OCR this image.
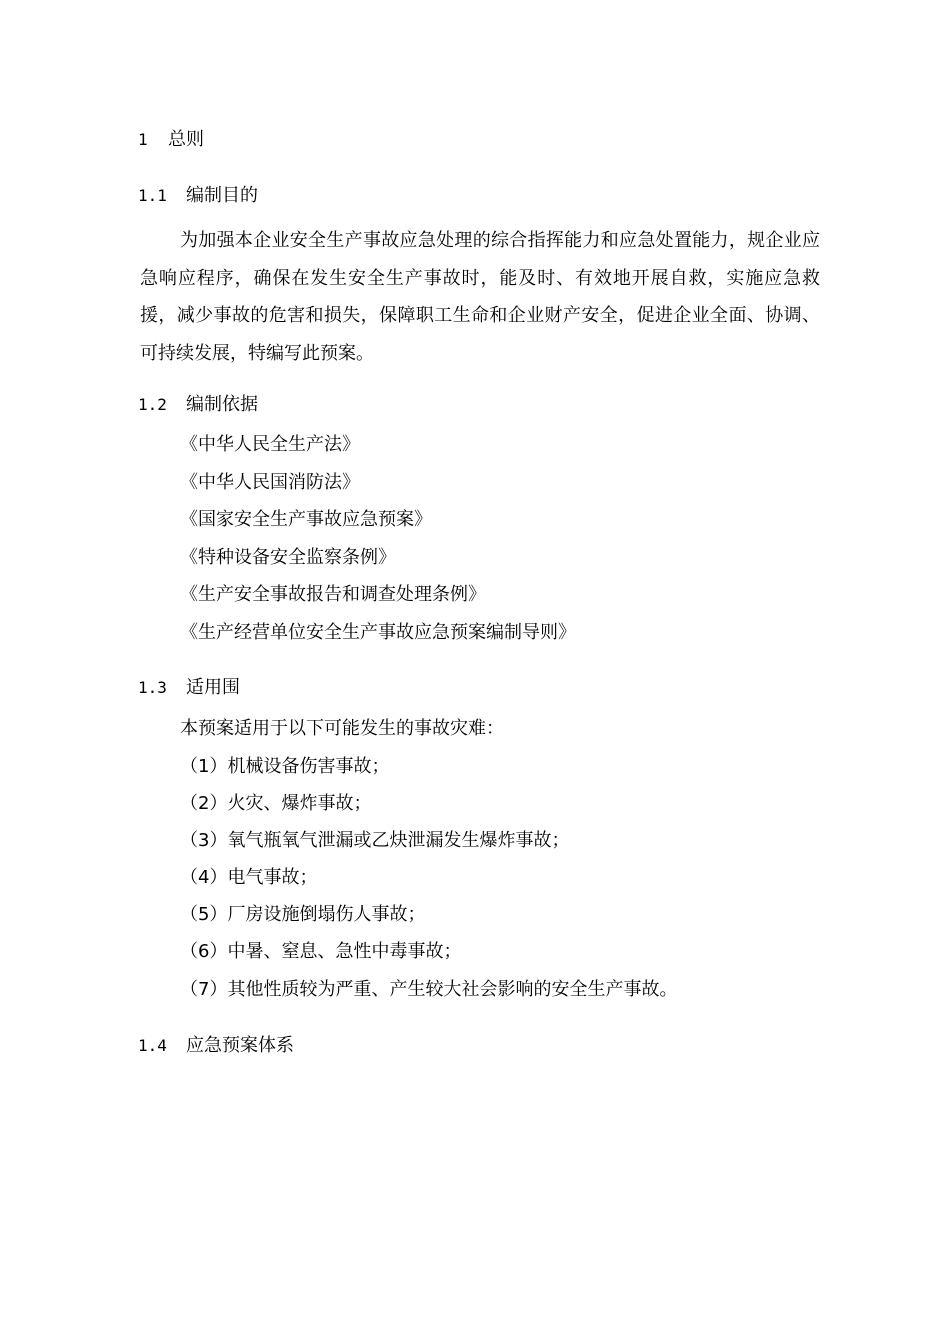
1 总则
1.1 编制目的
为加强本企业安全生产事故应急处理的综合指挥能力和应急处置能力，规企业应急响应程序，确保在发生安全生产事故时，能及时、有效地开展自救，实施应急救援，减少事故的危害和损失，保障职工生命和企业财产安全，促进企业全面、协调、可持续发展，特编写此预案。
1.2 编制依据
《中华人民全生产法》
《中华人民国消防法》
《国家安全生产事故应急预案》
《特种设备安全监察条例》
《生产安全事故报告和调查处理条例》
《生产经营单位安全生产事故应急预案编制导则》
1.3 适用围
本预案适用于以下可能发生的事故灾难：
（1）机械设备伤害事故；
（2）火灾、爆炸事故；
（3）氧气瓶氧气泄漏或乙炔泄漏发生爆炸事故；
（4）电气事故；
（5）厂房设施倒塌伤人事故；
（6）中暑、窒息、急性中毒事故；
（7）其他性质较为严重、产生较大社会影响的安全生产事故。
1.4 应急预案体系
